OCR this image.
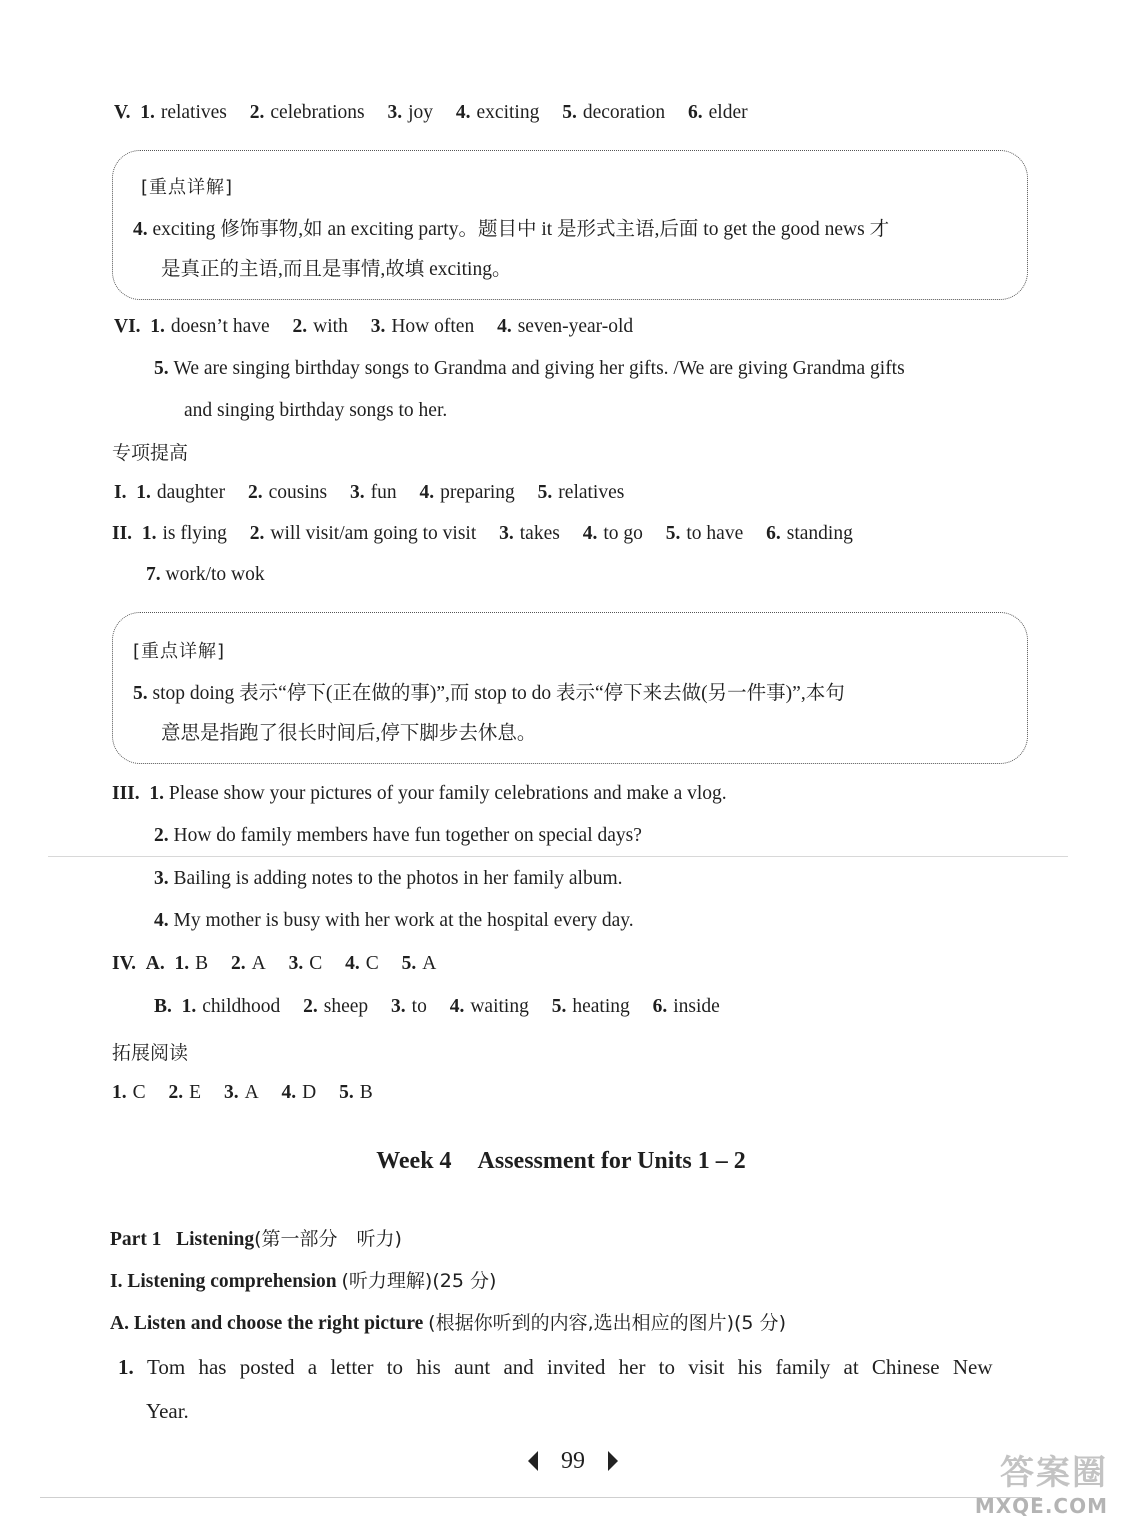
V. 1. relatives 2. celebrations 3. joy 4. exciting 5. decoration 6. elder
[重点详解]
4. exciting 修饰事物,如 an exciting party。题目中 it 是形式主语,后面 to get the good news 才
是真正的主语,而且是事情,故填 exciting。
VI. 1. doesn’t have 2. with 3. How often 4. seven-year-old
5. We are singing birthday songs to Grandma and giving her gifts. /We are giving Grandma gifts
and singing birthday songs to her.
专项提高
I. 1. daughter 2. cousins 3. fun 4. preparing 5. relatives
II. 1. is flying 2. will visit/am going to visit 3. takes 4. to go 5. to have 6. standing
7. work/to wok
[重点详解]
5. stop doing 表示“停下(正在做的事)”,而 stop to do 表示“停下来去做(另一件事)”,本句
意思是指跑了很长时间后,停下脚步去休息。
III. 1. Please show your pictures of your family celebrations and make a vlog.
2. How do family members have fun together on special days?
3. Bailing is adding notes to the photos in her family album.
4. My mother is busy with her work at the hospital every day.
IV. A. 1. B 2. A 3. C 4. C 5. A
B. 1. childhood 2. sheep 3. to 4. waiting 5. heating 6. inside
拓展阅读
1. C 2. E 3. A 4. D 5. B
Week 4 Assessment for Units 1 – 2
Part 1 Listening(第一部分　听力)
I. Listening comprehension (听力理解)(25 分)
A. Listen and choose the right picture (根据你听到的内容,选出相应的图片)(5 分)
1. Tom has posted a letter to his aunt and invited her to visit his family at Chinese New
Year.
99	答案圈
MXQE.COM
